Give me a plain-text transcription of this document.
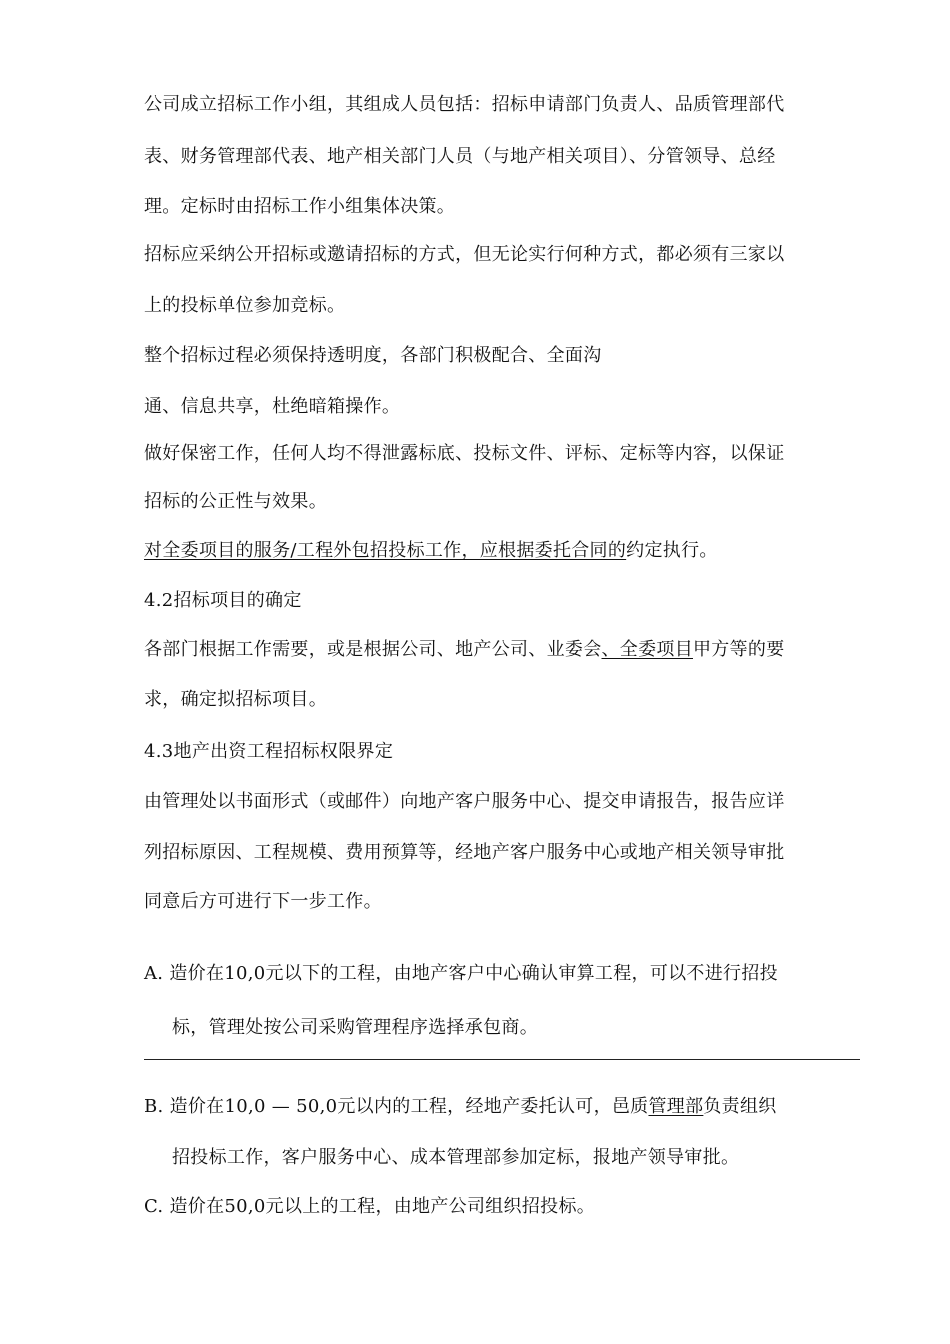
公司成立招标工作小组，其组成人员包括：招标申请部门负责人、品质管理部代
表、财务管理部代表、地产相关部门人员（与地产相关项目）、分管领导、总经
理。定标时由招标工作小组集体决策。
招标应采纳公开招标或邀请招标的方式，但无论实行何种方式，都必须有三家以
上的投标单位参加竞标。
整个招标过程必须保持透明度，各部门积极配合、全面沟
通、信息共享，杜绝暗箱操作。
做好保密工作，任何人均不得泄露标底、投标文件、评标、定标等内容，以保证
招标的公正性与效果。
对全委项目的服务/工程外包招投标工作，应根据委托合同的约定执行。
4.2招标项目的确定
各部门根据工作需要，或是根据公司、地产公司、业委会、全委项目甲方等的要
求，确定拟招标项目。
4.3地产出资工程招标权限界定
由管理处以书面形式（或邮件）向地产客户服务中心、提交申请报告，报告应详
列招标原因、工程规模、费用预算等，经地产客户服务中心或地产相关领导审批
同意后方可进行下一步工作。
A. 造价在10,0元以下的工程，由地产客户中心确认审算工程，可以不进行招投
标，管理处按公司采购管理程序选择承包商。
B. 造价在10,0 — 50,0元以内的工程，经地产委托认可，邑质管理部负责组织
招投标工作，客户服务中心、成本管理部参加定标，报地产领导审批。
C. 造价在50,0元以上的工程，由地产公司组织招投标。
